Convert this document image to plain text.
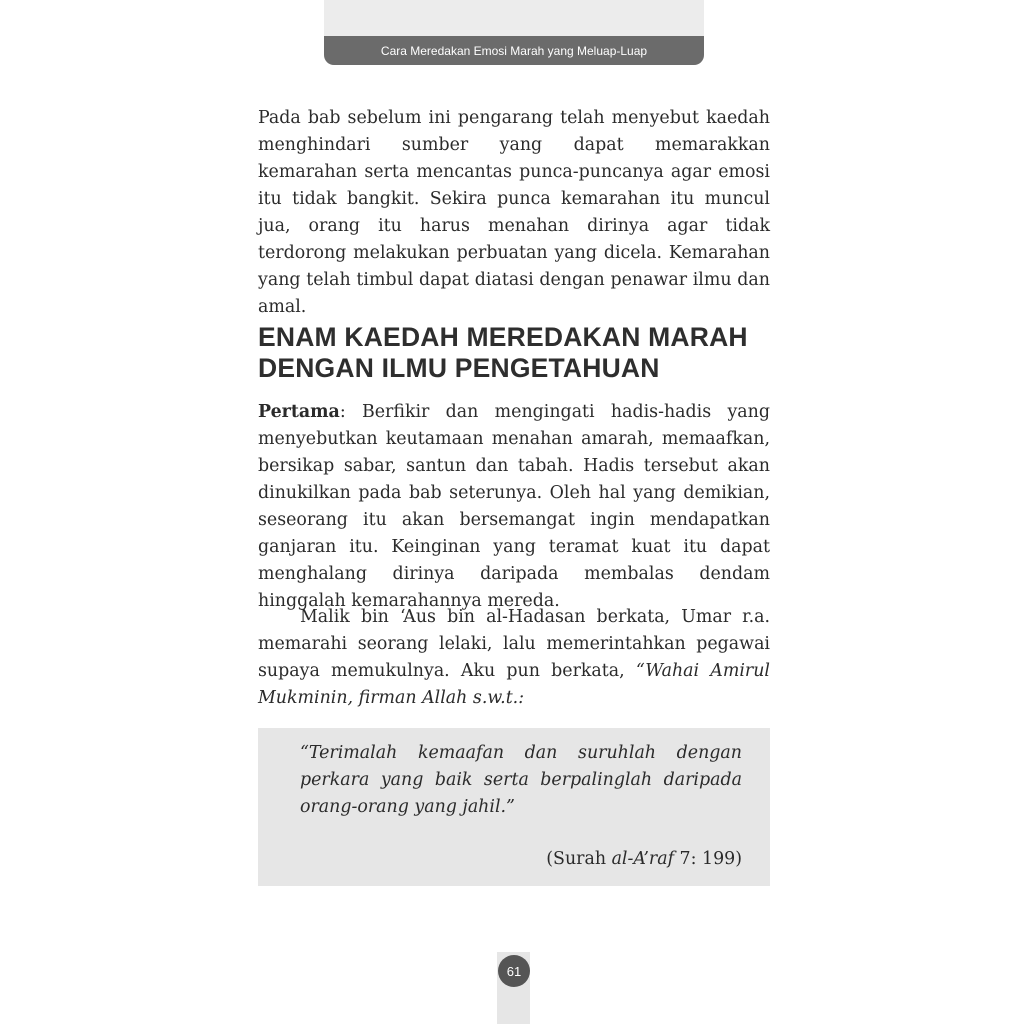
Cara Meredakan Emosi Marah yang Meluap-Luap

Pada bab sebelum ini pengarang telah menyebut kaedah menghindari sumber yang dapat memarakkan kemarahan serta mencantas punca-puncanya agar emosi itu tidak bangkit. Sekira punca kemarahan itu muncul jua, orang itu harus menahan dirinya agar tidak terdorong melakukan perbuatan yang dicela. Kemarahan yang telah timbul dapat diatasi dengan penawar ilmu dan amal.

ENAM KAEDAH MEREDAKAN MARAH
DENGAN ILMU PENGETAHUAN

Pertama: Berfikir dan mengingati hadis-hadis yang menyebutkan keutamaan menahan amarah, memaafkan, bersikap sabar, santun dan tabah. Hadis tersebut akan dinukilkan pada bab seterunya. Oleh hal yang demikian, seseorang itu akan bersemangat ingin mendapatkan ganjaran itu. Keinginan yang teramat kuat itu dapat menghalang dirinya daripada membalas dendam hinggalah kemarahannya mereda.

Malik bin ‘Aus bin al-Hadasan berkata, Umar r.a. memarahi seorang lelaki, lalu memerintahkan pegawai supaya memukulnya. Aku pun berkata, “Wahai Amirul Mukminin, firman Allah s.w.t.:

“Terimalah kemaafan dan suruhlah dengan perkara yang baik serta berpalinglah daripada orang-orang yang jahil.”

(Surah al-A’raf 7: 199)

61
